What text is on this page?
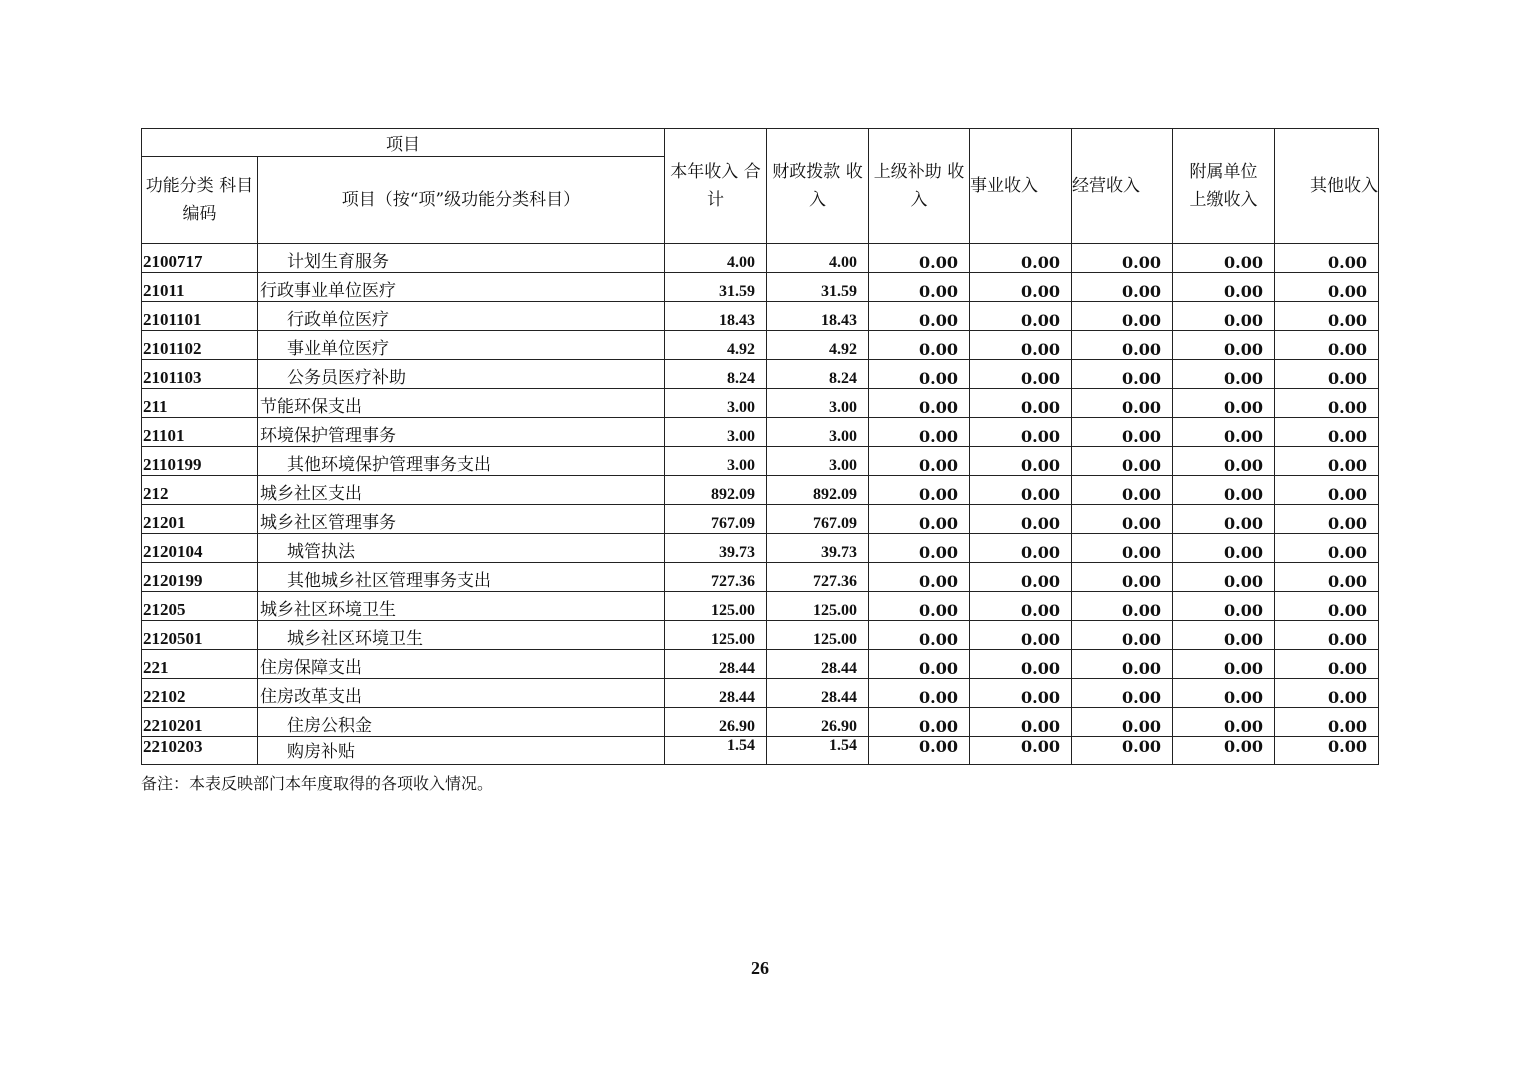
项目		本年收入 合计	财政拨款 收入	上级补助 收入	事业收入	经营收入	附属单位上缴收入	其他收入
功能分类 科目编码	项目（按“项”级功能分类科目）							
2100717	计划生育服务	4.00	4.00	0.00	0.00	0.00	0.00	0.00
21011	行政事业单位医疗	31.59	31.59	0.00	0.00	0.00	0.00	0.00
2101101	行政单位医疗	18.43	18.43	0.00	0.00	0.00	0.00	0.00
2101102	事业单位医疗	4.92	4.92	0.00	0.00	0.00	0.00	0.00
2101103	公务员医疗补助	8.24	8.24	0.00	0.00	0.00	0.00	0.00
211	节能环保支出	3.00	3.00	0.00	0.00	0.00	0.00	0.00
21101	环境保护管理事务	3.00	3.00	0.00	0.00	0.00	0.00	0.00
2110199	其他环境保护管理事务支出	3.00	3.00	0.00	0.00	0.00	0.00	0.00
212	城乡社区支出	892.09	892.09	0.00	0.00	0.00	0.00	0.00
21201	城乡社区管理事务	767.09	767.09	0.00	0.00	0.00	0.00	0.00
2120104	城管执法	39.73	39.73	0.00	0.00	0.00	0.00	0.00
2120199	其他城乡社区管理事务支出	727.36	727.36	0.00	0.00	0.00	0.00	0.00
21205	城乡社区环境卫生	125.00	125.00	0.00	0.00	0.00	0.00	0.00
2120501	城乡社区环境卫生	125.00	125.00	0.00	0.00	0.00	0.00	0.00
221	住房保障支出	28.44	28.44	0.00	0.00	0.00	0.00	0.00
22102	住房改革支出	28.44	28.44	0.00	0.00	0.00	0.00	0.00
2210201	住房公积金	26.90	26.90	0.00	0.00	0.00	0.00	0.00
2210203	购房补贴	1.54	1.54	0.00	0.00	0.00	0.00	0.00
备注：本表反映部门本年度取得的各项收入情况。
26
